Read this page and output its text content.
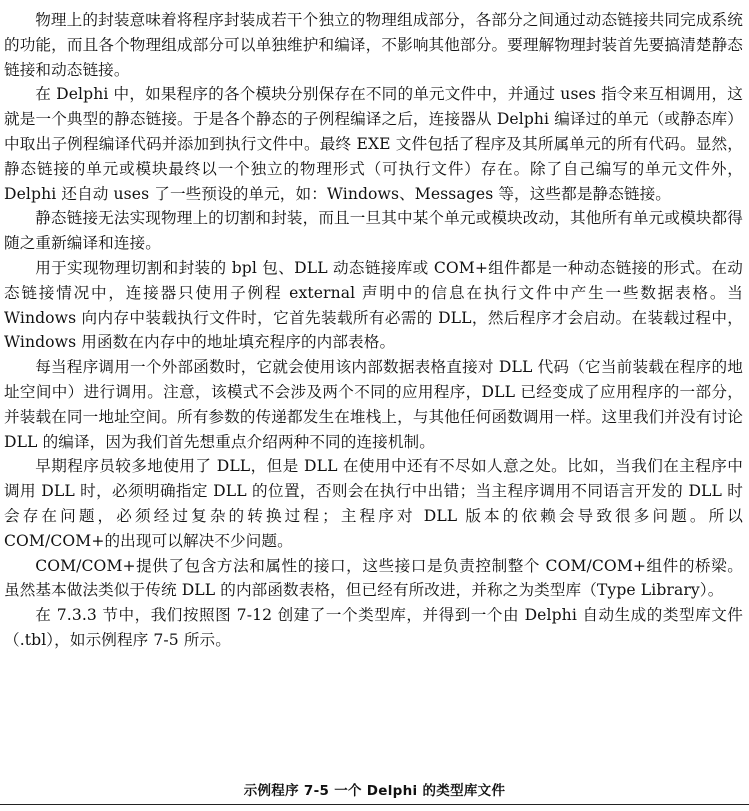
物理上的封装意味着将程序封装成若干个独立的物理组成部分，各部分之间通过动态链接共同完成系统的功能，而且各个物理组成部分可以单独维护和编译，不影响其他部分。要理解物理封装首先要搞清楚静态链接和动态链接。

在 Delphi 中，如果程序的各个模块分别保存在不同的单元文件中，并通过 uses 指令来互相调用，这就是一个典型的静态链接。于是各个静态的子例程编译之后，连接器从 Delphi 编译过的单元（或静态库）中取出子例程编译代码并添加到执行文件中。最终 EXE 文件包括了程序及其所属单元的所有代码。显然，静态链接的单元或模块最终以一个独立的物理形式（可执行文件）存在。除了自己编写的单元文件外，Delphi 还自动 uses 了一些预设的单元，如：Windows、Messages 等，这些都是静态链接。

静态链接无法实现物理上的切割和封装，而且一旦其中某个单元或模块改动，其他所有单元或模块都得随之重新编译和连接。

用于实现物理切割和封装的 bpl 包、DLL 动态链接库或 COM+组件都是一种动态链接的形式。在动态链接情况中，连接器只使用子例程 external 声明中的信息在执行文件中产生一些数据表格。当 Windows 向内存中装载执行文件时，它首先装载所有必需的 DLL，然后程序才会启动。在装载过程中，Windows 用函数在内存中的地址填充程序的内部表格。

每当程序调用一个外部函数时，它就会使用该内部数据表格直接对 DLL 代码（它当前装载在程序的地址空间中）进行调用。注意，该模式不会涉及两个不同的应用程序，DLL 已经变成了应用程序的一部分，并装载在同一地址空间。所有参数的传递都发生在堆栈上，与其他任何函数调用一样。这里我们并没有讨论 DLL 的编译，因为我们首先想重点介绍两种不同的连接机制。

早期程序员较多地使用了 DLL，但是 DLL 在使用中还有不尽如人意之处。比如，当我们在主程序中调用 DLL 时，必须明确指定 DLL 的位置，否则会在执行中出错；当主程序调用不同语言开发的 DLL 时会存在问题，必须经过复杂的转换过程；主程序对 DLL 版本的依赖会导致很多问题。所以 COM/COM+的出现可以解决不少问题。

COM/COM+提供了包含方法和属性的接口，这些接口是负责控制整个 COM/COM+组件的桥梁。虽然基本做法类似于传统 DLL 的内部函数表格，但已经有所改进，并称之为类型库（Type Library）。

在 7.3.3 节中，我们按照图 7-12 创建了一个类型库，并得到一个由 Delphi 自动生成的类型库文件（.tbl），如示例程序 7-5 所示。

示例程序 7-5 一个 Delphi 的类型库文件
